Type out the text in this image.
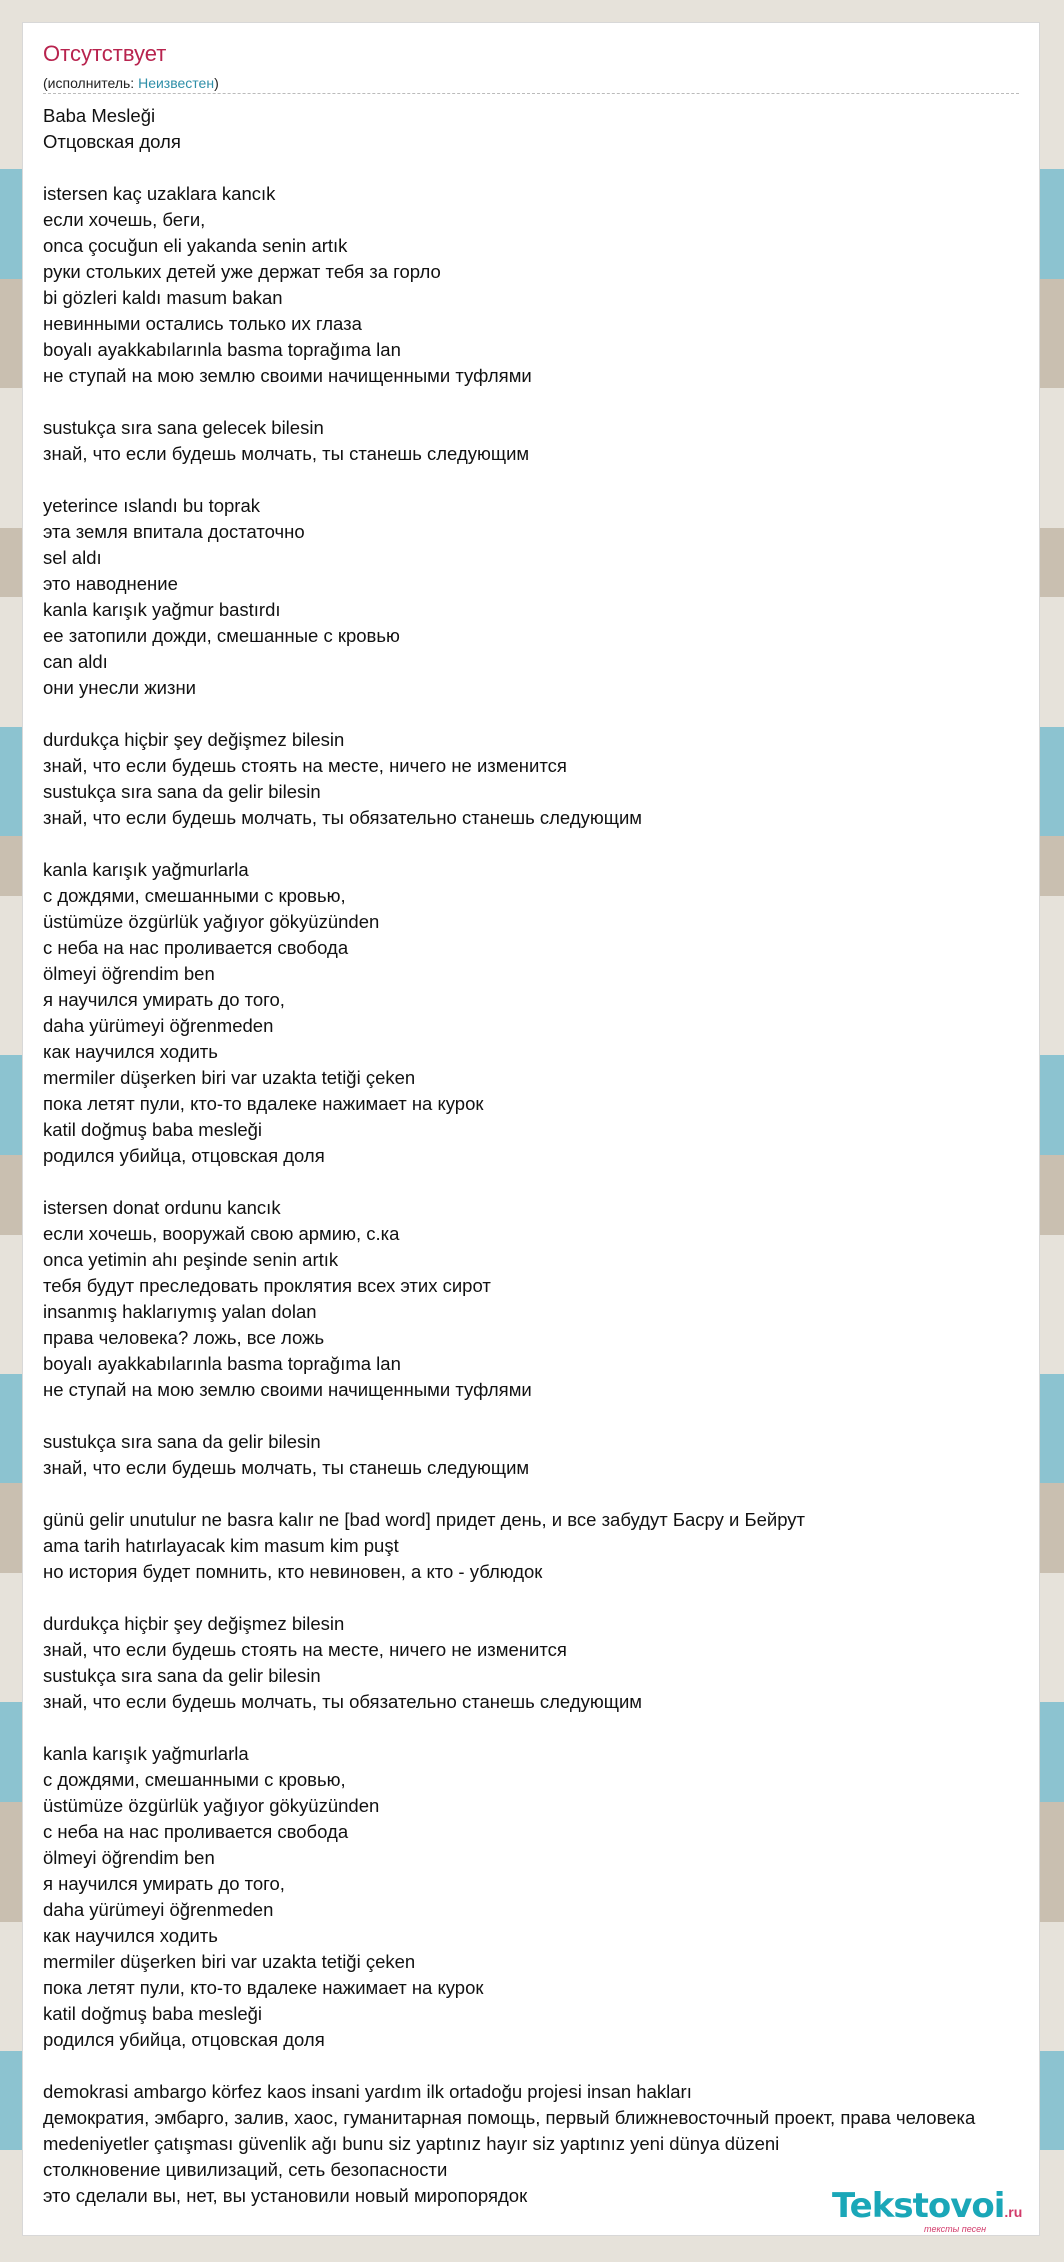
Отсутствует
(исполнитель: Неизвестен)
Baba Mesleği
Отцовская доля
istersen kaç uzaklara kancık
если хочешь, беги,
onca çocuğun eli yakanda senin artık
руки стольких детей уже держат тебя за горло
bi gözleri kaldı masum bakan
невинными остались только их глаза
boyalı ayakkabılarınla basma toprağıma lan
не ступай на мою землю своими начищенными туфлями
sustukça sıra sana gelecek bilesin
знай, что если будешь молчать, ты станешь следующим
yeterince ıslandı bu toprak
эта земля впитала достаточно
sel aldı
это наводнение
kanla karışık yağmur bastırdı
ее затопили дожди, смешанные с кровью
can aldı
они унесли жизни
durdukça hiçbir şey değişmez bilesin
знай, что если будешь стоять на месте, ничего не изменится
sustukça sıra sana da gelir bilesin
знай, что если будешь молчать, ты обязательно станешь следующим
kanla karışık yağmurlarla
с дождями, смешанными с кровью,
üstümüze özgürlük yağıyor gökyüzünden
с неба на нас проливается свобода
ölmeyi öğrendim ben
я научился умирать до того,
daha yürümeyi öğrenmeden
как научился ходить
mermiler düşerken biri var uzakta tetiği çeken
пока летят пули, кто-то вдалеке нажимает на курок
katil doğmuş baba mesleği
родился убийца, отцовская доля
istersen donat ordunu kancık
если хочешь, вооружай свою армию, с.ка
onca yetimin ahı peşinde senin artık
тебя будут преследовать проклятия всех этих сирот
insanmış haklarıymış yalan dolan
права человека? ложь, все ложь
boyalı ayakkabılarınla basma toprağıma lan
не ступай на мою землю своими начищенными туфлями
sustukça sıra sana da gelir bilesin
знай, что если будешь молчать, ты станешь следующим
günü gelir unutulur ne basra kalır ne [bad word] придет день, и все забудут Басру и Бейрут
ama tarih hatırlayacak kim masum kim puşt
но история будет помнить, кто невиновен, а кто - ублюдок
durdukça hiçbir şey değişmez bilesin
знай, что если будешь стоять на месте, ничего не изменится
sustukça sıra sana da gelir bilesin
знай, что если будешь молчать, ты обязательно станешь следующим
kanla karışık yağmurlarla
с дождями, смешанными с кровью,
üstümüze özgürlük yağıyor gökyüzünden
с неба на нас проливается свобода
ölmeyi öğrendim ben
я научился умирать до того,
daha yürümeyi öğrenmeden
как научился ходить
mermiler düşerken biri var uzakta tetiği çeken
пока летят пули, кто-то вдалеке нажимает на курок
katil doğmuş baba mesleği
родился убийца, отцовская доля
demokrasi ambargo körfez kaos insani yardım ilk ortadoğu projesi insan hakları
демократия, эмбарго, залив, хаос, гуманитарная помощь, первый ближневосточный проект, права человека
medeniyetler çatışması güvenlik ağı bunu siz yaptınız hayır siz yaptınız yeni dünya düzeni
столкновение цивилизаций, сеть безопасности
это сделали вы, нет, вы установили новый миропорядок	Tekstovoi.ru
тексты песен
